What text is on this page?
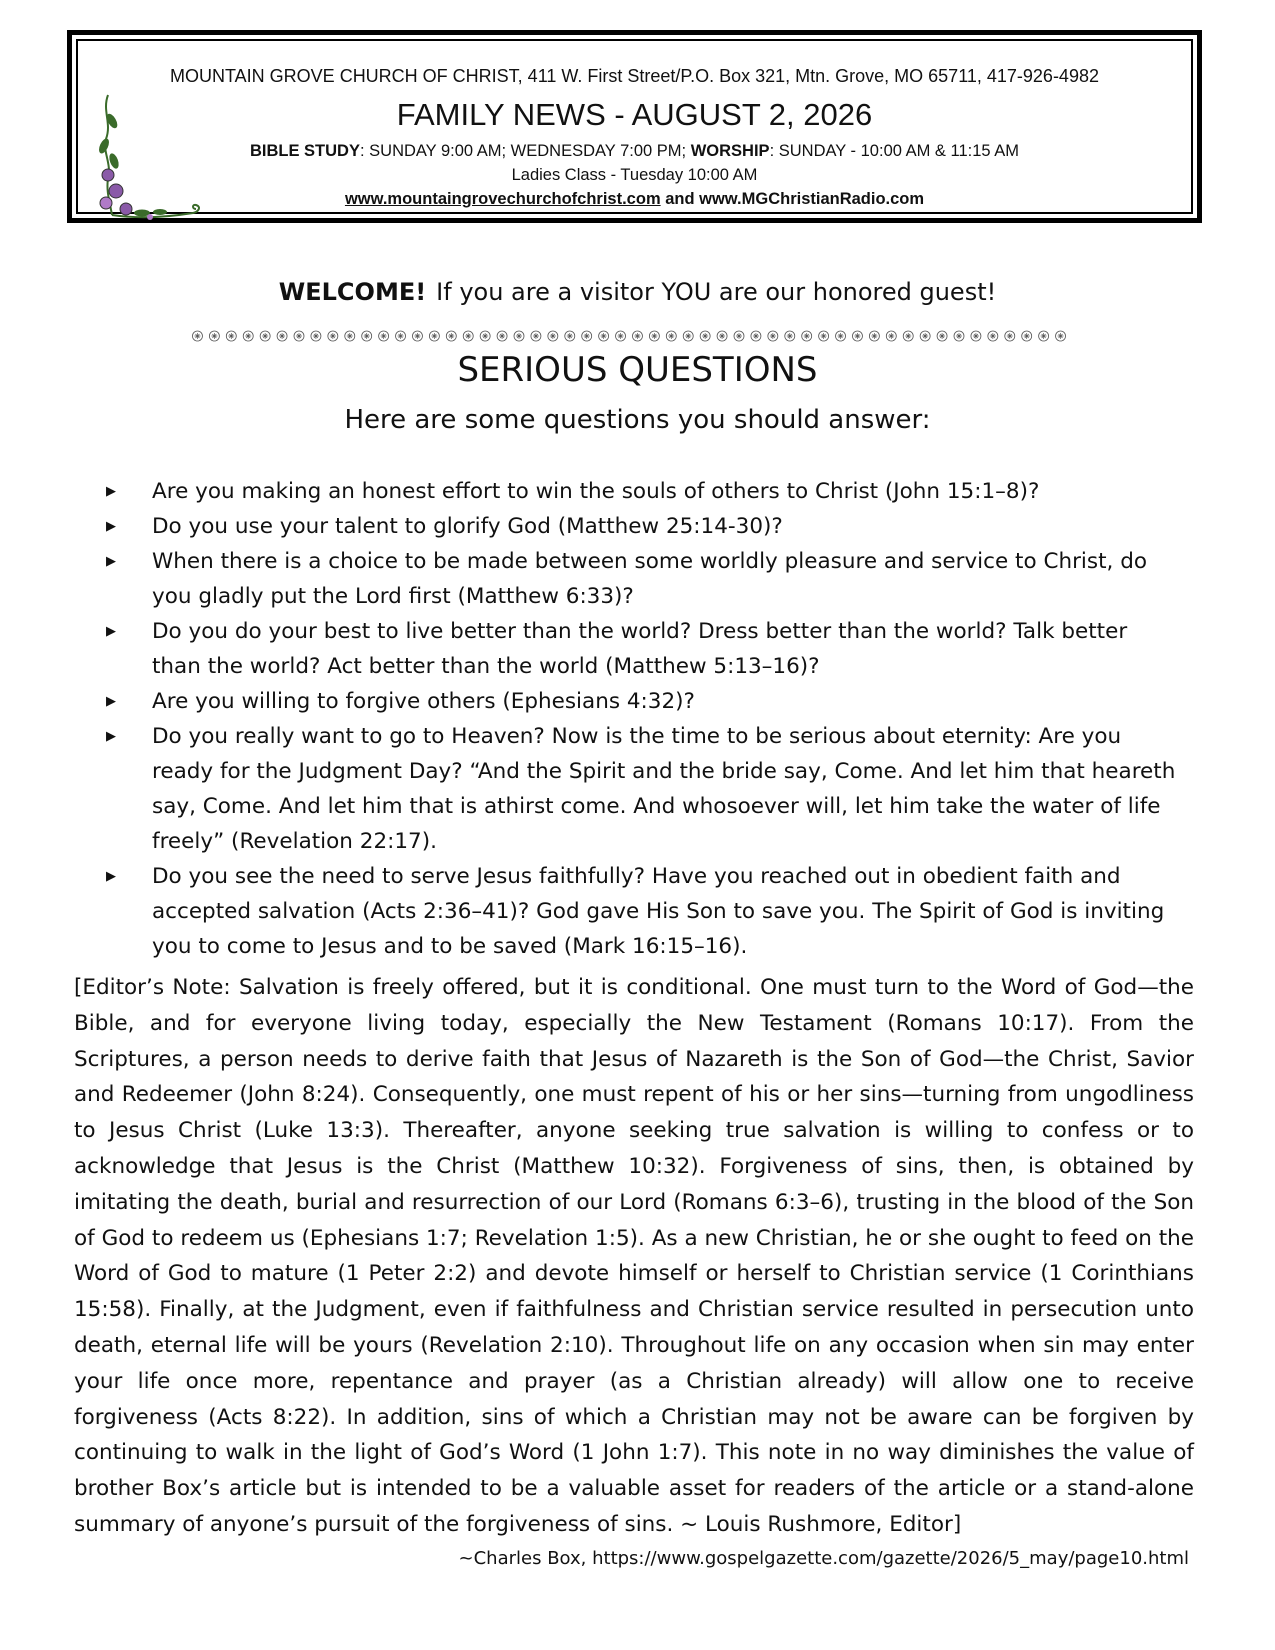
MOUNTAIN GROVE CHURCH OF CHRIST, 411 W. First Street/P.O. Box 321, Mtn. Grove, MO 65711, 417-926-4982
FAMILY NEWS - AUGUST 2, 2026
BIBLE STUDY: SUNDAY 9:00 AM; WEDNESDAY 7:00 PM; WORSHIP: SUNDAY - 10:00 AM & 11:15 AM
Ladies Class - Tuesday 10:00 AM
www.mountaingrovechurchofchrist.com and www.MGChristianRadio.com
WELCOME! If you are a visitor YOU are our honored guest!
SERIOUS QUESTIONS
Here are some questions you should answer:
▶ Are you making an honest effort to win the souls of others to Christ (John 15:1–8)?
▶ Do you use your talent to glorify God (Matthew 25:14-30)?
▶ When there is a choice to be made between some worldly pleasure and service to Christ, do you gladly put the Lord first (Matthew 6:33)?
▶ Do you do your best to live better than the world? Dress better than the world? Talk better than the world? Act better than the world (Matthew 5:13–16)?
▶ Are you willing to forgive others (Ephesians 4:32)?
▶ Do you really want to go to Heaven? Now is the time to be serious about eternity: Are you ready for the Judgment Day? “And the Spirit and the bride say, Come. And let him that heareth say, Come. And let him that is athirst come. And whosoever will, let him take the water of life freely” (Revelation 22:17).
▶ Do you see the need to serve Jesus faithfully? Have you reached out in obedient faith and accepted salvation (Acts 2:36–41)? God gave His Son to save you. The Spirit of God is inviting you to come to Jesus and to be saved (Mark 16:15–16).

[Editor’s Note: Salvation is freely offered, but it is conditional. One must turn to the Word of God—the Bible, and for everyone living today, especially the New Testament (Romans 10:17). From the Scriptures, a person needs to derive faith that Jesus of Nazareth is the Son of God—the Christ, Savior and Redeemer (John 8:24). Consequently, one must repent of his or her sins—turning from ungodliness to Jesus Christ (Luke 13:3). Thereafter, anyone seeking true salvation is willing to confess or to acknowledge that Jesus is the Christ (Matthew 10:32). Forgiveness of sins, then, is obtained by imitating the death, burial and resurrection of our Lord (Romans 6:3–6), trusting in the blood of the Son of God to redeem us (Ephesians 1:7; Revelation 1:5). As a new Christian, he or she ought to feed on the Word of God to mature (1 Peter 2:2) and devote himself or herself to Christian service (1 Corinthians 15:58). Finally, at the Judgment, even if faithfulness and Christian service resulted in persecution unto death, eternal life will be yours (Revelation 2:10). Throughout life on any occasion when sin may enter your life once more, repentance and prayer (as a Christian already) will allow one to receive forgiveness (Acts 8:22). In addition, sins of which a Christian may not be aware can be forgiven by continuing to walk in the light of God’s Word (1 John 1:7). This note in no way diminishes the value of brother Box’s article but is intended to be a valuable asset for readers of the article or a stand-alone summary of anyone’s pursuit of the forgiveness of sins. ~ Louis Rushmore, Editor]

~Charles Box, https://www.gospelgazette.com/gazette/2026/5_may/page10.html
